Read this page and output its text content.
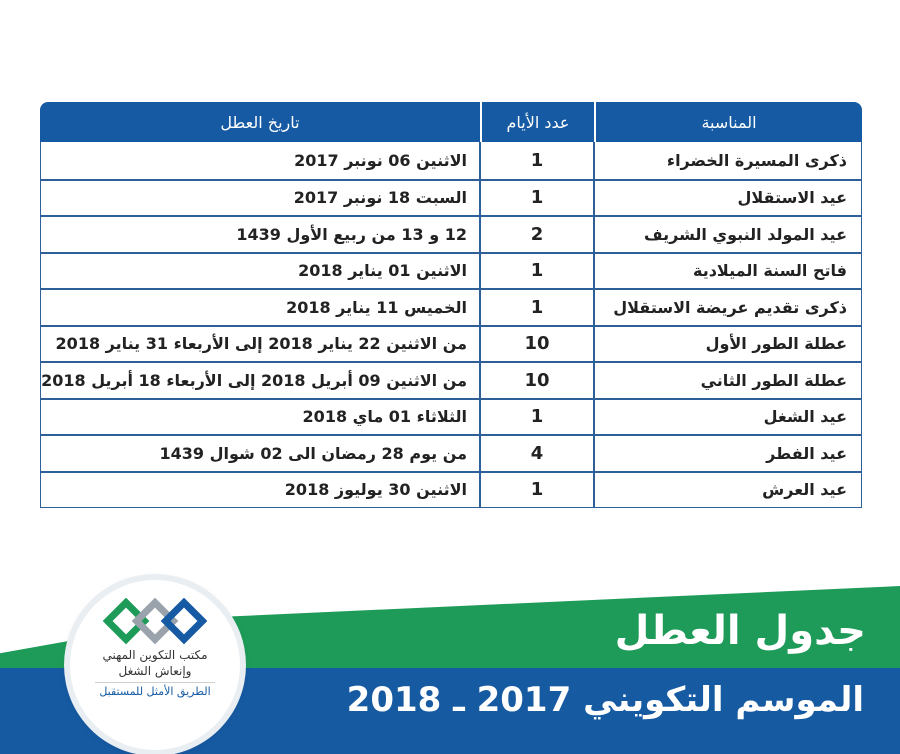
المناسبة
عدد الأيام
تاريخ العطل
ذكرى المسيرة الخضراء
1
الاثنين 06 نونبر 2017
عيد الاستقلال
1
السبت 18 نونبر 2017
عيد المولد النبوي الشريف
2
12 و 13 من ربيع الأول 1439
فاتح السنة الميلادية
1
الاثنين 01 يناير 2018
ذكرى تقديم عريضة الاستقلال
1
الخميس 11 يناير 2018
عطلة الطور الأول
10
من الاثنين 22 يناير 2018 إلى الأربعاء 31 يناير 2018
عطلة الطور الثاني
10
من الاثنين 09 أبريل 2018 إلى الأربعاء 18 أبريل 2018
عيد الشغل
1
الثلاثاء 01 ماي 2018
عيد الفطر
4
من يوم 28 رمضان الى 02 شوال 1439
عيد العرش
1
الاثنين 30 يوليوز 2018
جدول العطل
الموسم التكويني 2017 ـ 2018
مكتب التكوين المهني
وإنعاش الشغل
الطريق الأمثل للمستقبل
